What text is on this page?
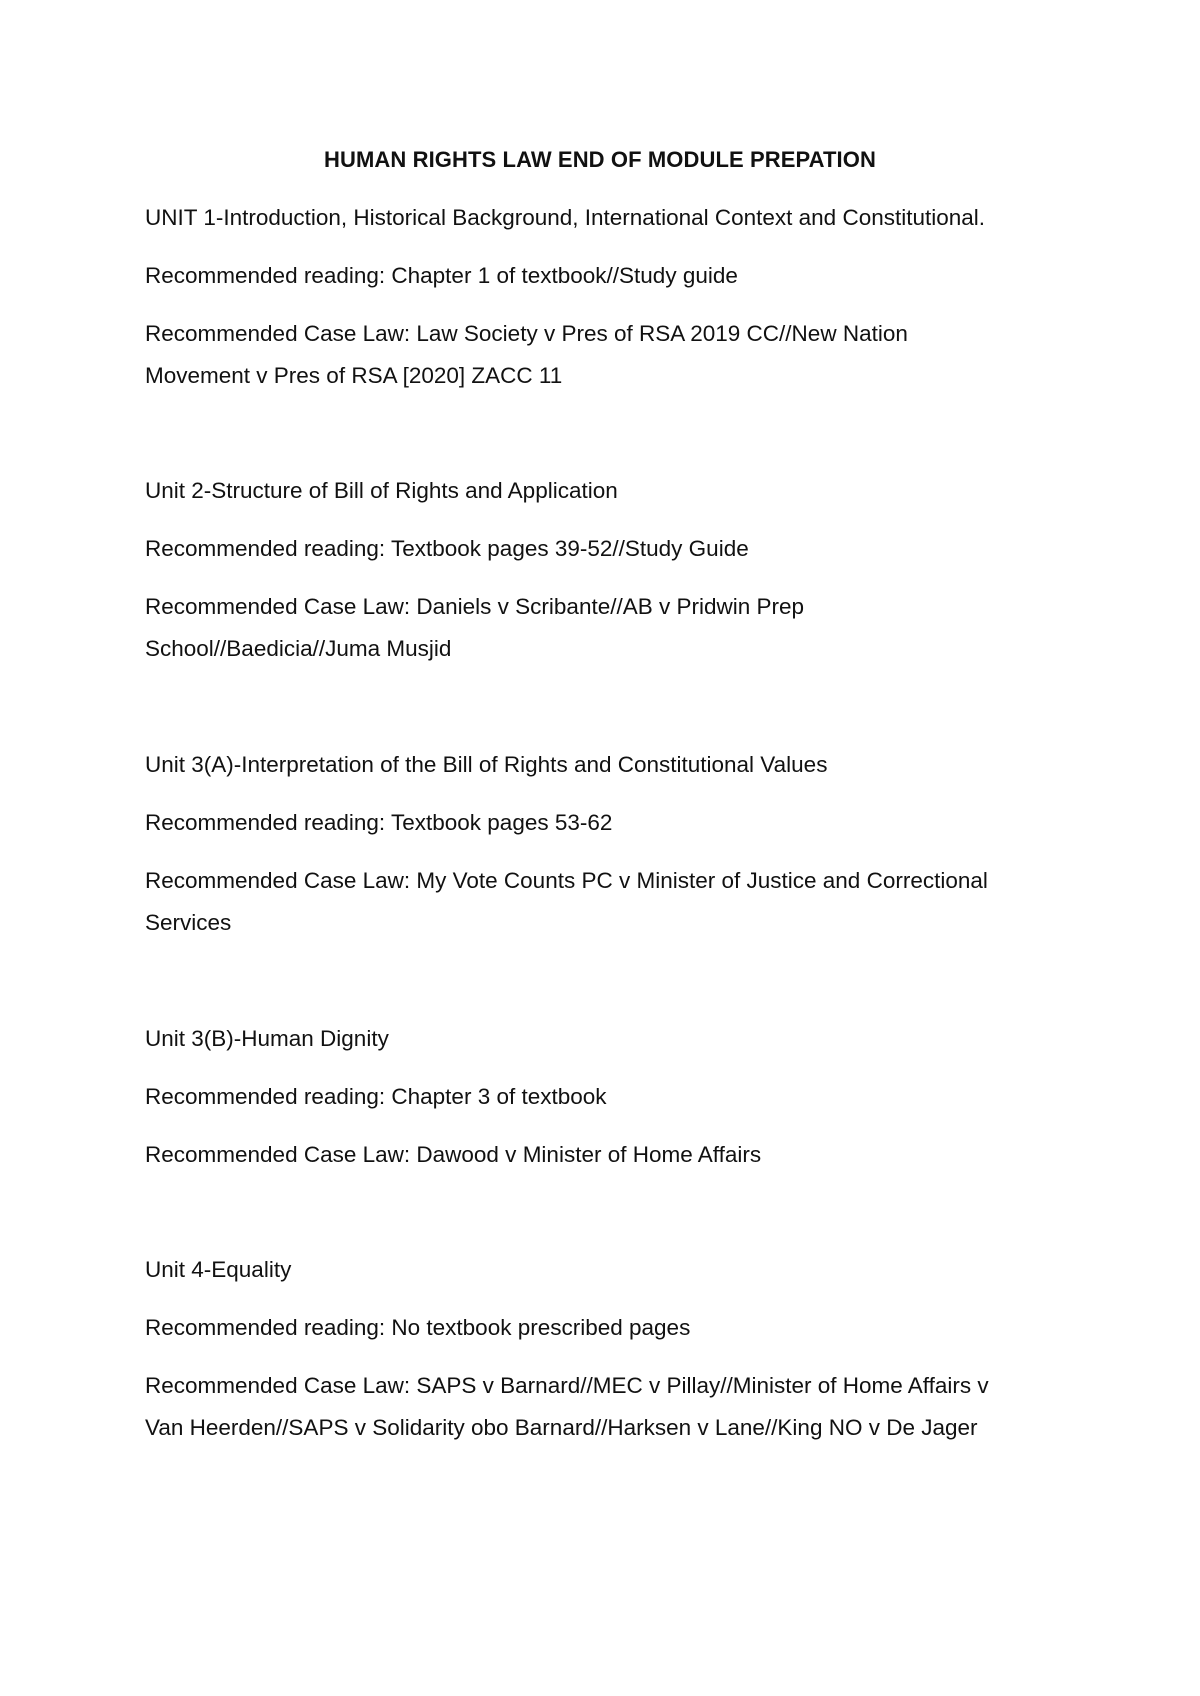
HUMAN RIGHTS LAW END OF MODULE PREPATION
UNIT 1-Introduction, Historical Background, International Context and Constitutional.
Recommended reading: Chapter 1 of textbook//Study guide
Recommended Case Law: Law Society v Pres of RSA 2019 CC//New Nation
Movement v Pres of RSA [2020] ZACC 11
Unit 2-Structure of Bill of Rights and Application
Recommended reading: Textbook pages 39-52//Study Guide
Recommended Case Law: Daniels v Scribante//AB v Pridwin Prep
School//Baedicia//Juma Musjid
Unit 3(A)-Interpretation of the Bill of Rights and Constitutional Values
Recommended reading: Textbook pages 53-62
Recommended Case Law: My Vote Counts PC v Minister of Justice and Correctional
Services
Unit 3(B)-Human Dignity
Recommended reading: Chapter 3 of textbook
Recommended Case Law: Dawood v Minister of Home Affairs
Unit 4-Equality
Recommended reading: No textbook prescribed pages
Recommended Case Law: SAPS v Barnard//MEC v Pillay//Minister of Home Affairs v
Van Heerden//SAPS v Solidarity obo Barnard//Harksen v Lane//King NO v De Jager
